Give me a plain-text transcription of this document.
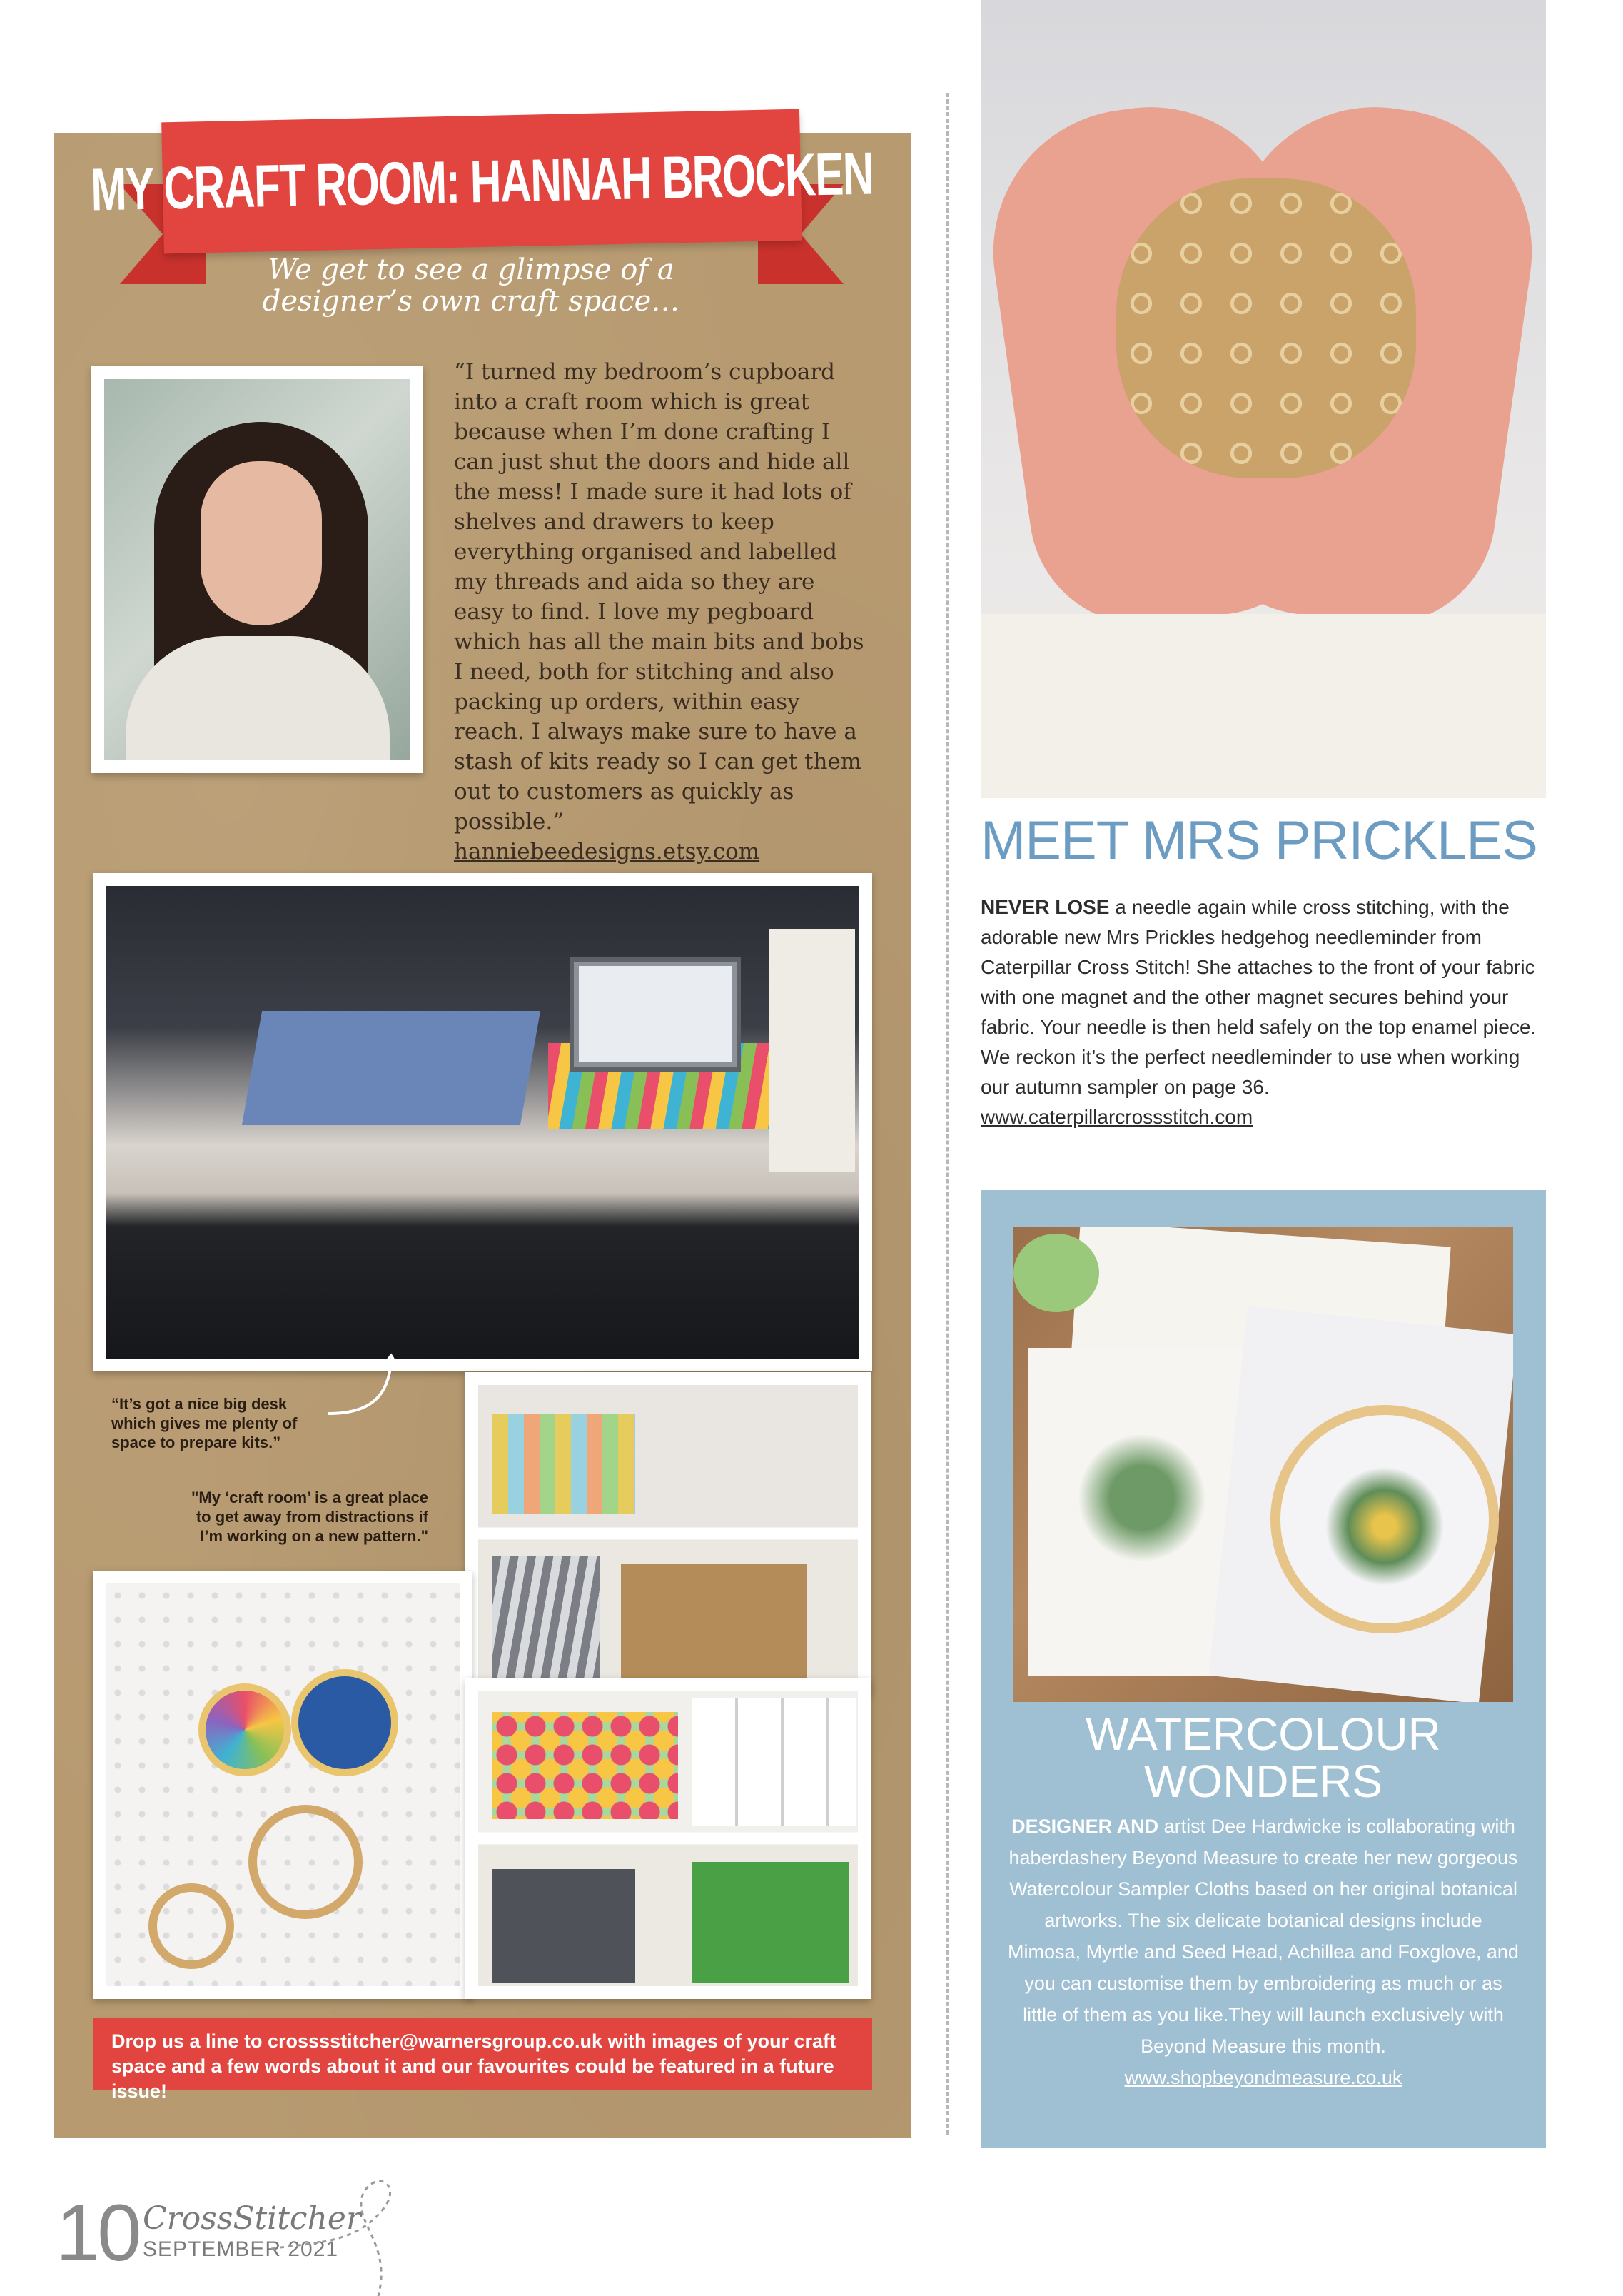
MY CRAFT ROOM: HANNAH BROCKEN
We get to see a glimpse of a designer’s own craft space…
“I turned my bedroom’s cupboard into a craft room which is great because when I’m done crafting I can just shut the doors and hide all the mess! I made sure it had lots of shelves and drawers to keep everything organised and labelled my threads and aida so they are easy to find. I love my pegboard which has all the main bits and bobs I need, both for stitching and also packing up orders, within easy reach. I always make sure to have a stash of kits ready so I can get them out to customers as quickly as possible.”
hanniebeedesigns.etsy.com
“It’s got a nice big desk which gives me plenty of space to prepare kits.”
"My ‘craft room’ is a great place to get away from distractions if I’m working on a new pattern."
Drop us a line to crosssstitcher@warnersgroup.co.uk with images of your craft space and a few words about it and our favourites could be featured in a future issue!
MEET MRS PRICKLES
NEVER LOSE a needle again while cross stitching, with the adorable new Mrs Prickles hedgehog needleminder from Caterpillar Cross Stitch! She attaches to the front of your fabric with one magnet and the other magnet secures behind your fabric. Your needle is then held safely on the top enamel piece. We reckon it’s the perfect needleminder to use when working our autumn sampler on page 36.
www.caterpillarcrossstitch.com
WATERCOLOUR
WONDERS
DESIGNER AND artist Dee Hardwicke is collaborating with haberdashery Beyond Measure to create her new gorgeous Watercolour Sampler Cloths based on her original botanical artworks. The six delicate botanical designs include Mimosa, Myrtle and Seed Head, Achillea and Foxglove, and you can customise them by embroidering as much or as little of them as you like.They will launch exclusively with Beyond Measure this month.
www.shopbeyondmeasure.co.uk
10 CrossStitcher
SEPTEMBER 2021
